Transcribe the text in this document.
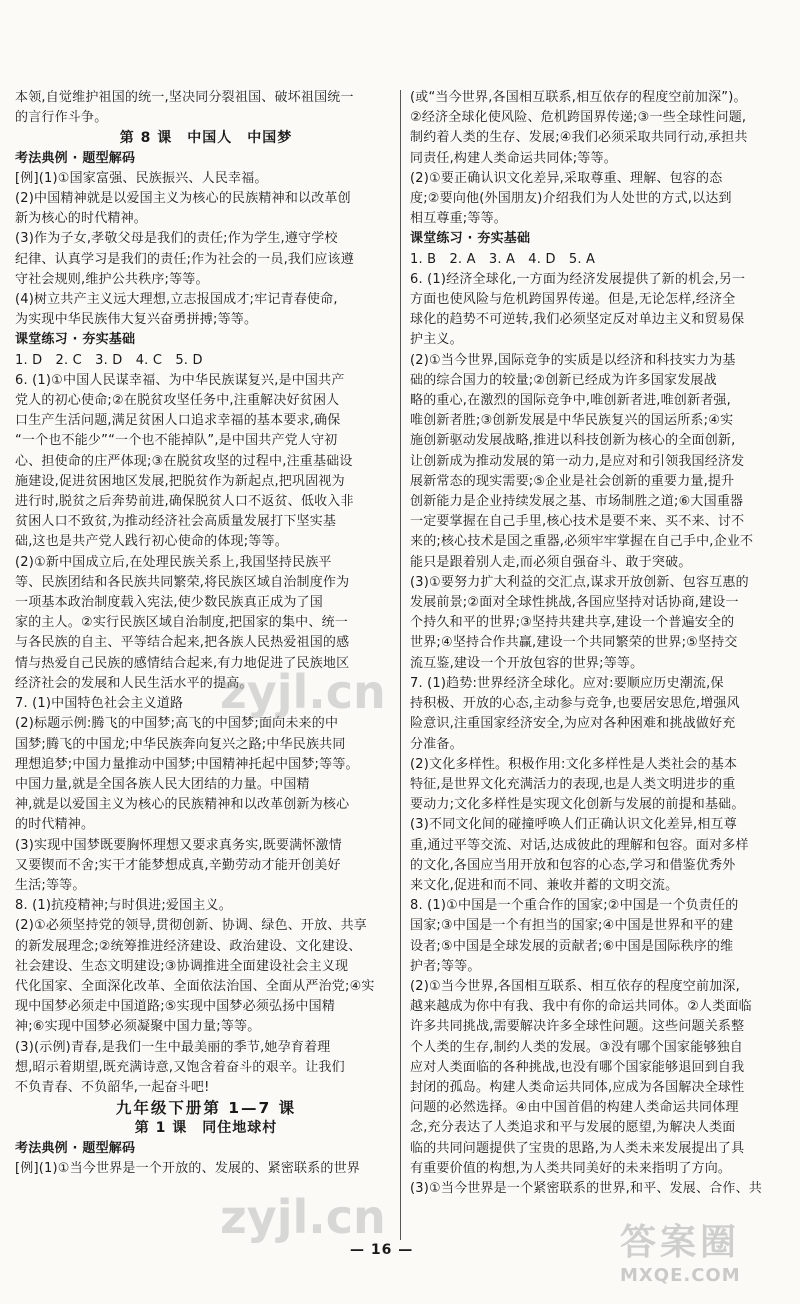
本领,自觉维护祖国的统一,坚决同分裂祖国、破坏祖国统一
的言行作斗争。
第 8 课　中国人　中国梦
考法典例 · 题型解码
[例](1)①国家富强、民族振兴、人民幸福。
(2)中国精神就是以爱国主义为核心的民族精神和以改革创
新为核心的时代精神。
(3)作为子女,孝敬父母是我们的责任;作为学生,遵守学校
纪律、认真学习是我们的责任;作为社会的一员,我们应该遵
守社会规则,维护公共秩序;等等。
(4)树立共产主义远大理想,立志报国成才;牢记青春使命,
为实现中华民族伟大复兴奋勇拼搏;等等。
课堂练习 · 夯实基础
1. D　2. C　3. D　4. C　5. D
6. (1)①中国人民谋幸福、为中华民族谋复兴,是中国共产
党人的初心使命;②在脱贫攻坚任务中,注重解决好贫困人
口生产生活问题,满足贫困人口追求幸福的基本要求,确保
“一个也不能少”“一个也不能掉队”,是中国共产党人守初
心、担使命的庄严体现;③在脱贫攻坚的过程中,注重基础设
施建设,促进贫困地区发展,把脱贫作为新起点,把巩固视为
进行时,脱贫之后奔势前进,确保脱贫人口不返贫、低收入非
贫困人口不致贫,为推动经济社会高质量发展打下坚实基
础,这也是共产党人践行初心使命的体现;等等。
(2)①新中国成立后,在处理民族关系上,我国坚持民族平
等、民族团结和各民族共同繁荣,将民族区域自治制度作为
一项基本政治制度载入宪法,使少数民族真正成为了国
家的主人。②实行民族区域自治制度,把国家的集中、统一
与各民族的自主、平等结合起来,把各族人民热爱祖国的感
情与热爱自己民族的感情结合起来,有力地促进了民族地区
经济社会的发展和人民生活水平的提高。
7. (1)中国特色社会主义道路
(2)标题示例:腾飞的中国梦;高飞的中国梦;面向未来的中
国梦;腾飞的中国龙;中华民族奔向复兴之路;中华民族共同
理想追梦;中国力量推动中国梦;中国精神托起中国梦;等等。
中国力量,就是全国各族人民大团结的力量。中国精
神,就是以爱国主义为核心的民族精神和以改革创新为核心
的时代精神。
(3)实现中国梦既要胸怀理想又要求真务实,既要满怀激情
又要锲而不舍;实干才能梦想成真,辛勤劳动才能开创美好
生活;等等。
8. (1)抗疫精神;与时俱进;爱国主义。
(2)①必须坚持党的领导,贯彻创新、协调、绿色、开放、共享
的新发展理念;②统筹推进经济建设、政治建设、文化建设、
社会建设、生态文明建设;③协调推进全面建设社会主义现
代化国家、全面深化改革、全面依法治国、全面从严治党;④实
现中国梦必须走中国道路;⑤实现中国梦必须弘扬中国精
神;⑥实现中国梦必须凝聚中国力量;等等。
(3)(示例)青春,是我们一生中最美丽的季节,她孕育着理
想,昭示着期望,既充满诗意,又饱含着奋斗的艰辛。让我们
不负青春、不负韶华,一起奋斗吧!
九年级下册第 1—7 课
第 1 课　同住地球村
考法典例 · 题型解码
[例](1)①当今世界是一个开放的、发展的、紧密联系的世界
(或“当今世界,各国相互联系,相互依存的程度空前加深”)。
②经济全球化使风险、危机跨国界传递;③一些全球性问题,
制约着人类的生存、发展;④我们必须采取共同行动,承担共
同责任,构建人类命运共同体;等等。
(2)①要正确认识文化差异,采取尊重、理解、包容的态
度;②要向他(外国朋友)介绍我们为人处世的方式,以达到
相互尊重;等等。
课堂练习 · 夯实基础
1. B　2. A　3. A　4. D　5. A
6. (1)经济全球化,一方面为经济发展提供了新的机会,另一
方面也使风险与危机跨国界传递。但是,无论怎样,经济全
球化的趋势不可逆转,我们必须坚定反对单边主义和贸易保
护主义。
(2)①当今世界,国际竞争的实质是以经济和科技实力为基
础的综合国力的较量;②创新已经成为许多国家发展战
略的重心,在激烈的国际竞争中,唯创新者进,唯创新者强,
唯创新者胜;③创新发展是中华民族复兴的国运所系;④实
施创新驱动发展战略,推进以科技创新为核心的全面创新,
让创新成为推动发展的第一动力,是应对和引领我国经济发
展新常态的现实需要;⑤企业是社会创新的重要力量,提升
创新能力是企业持续发展之基、市场制胜之道;⑥大国重器
一定要掌握在自己手里,核心技术是要不来、买不来、讨不
来的;核心技术是国之重器,必须牢牢掌握在自己手中,企业不
能只是跟着别人走,而必须自强奋斗、敢于突破。
(3)①要努力扩大利益的交汇点,谋求开放创新、包容互惠的
发展前景;②面对全球性挑战,各国应坚持对话协商,建设一
个持久和平的世界;③坚持共建共享,建设一个普遍安全的
世界;④坚持合作共赢,建设一个共同繁荣的世界;⑤坚持交
流互鉴,建设一个开放包容的世界;等等。
7. (1)趋势:世界经济全球化。应对:要顺应历史潮流,保
持积极、开放的心态,主动参与竞争,也要居安思危,增强风
险意识,注重国家经济安全,为应对各种困难和挑战做好充
分准备。
(2)文化多样性。积极作用:文化多样性是人类社会的基本
特征,是世界文化充满活力的表现,也是人类文明进步的重
要动力;文化多样性是实现文化创新与发展的前提和基础。
(3)不同文化间的碰撞呼唤人们正确认识文化差异,相互尊
重,通过平等交流、对话,达成彼此的理解和包容。面对多样
的文化,各国应当用开放和包容的心态,学习和借鉴优秀外
来文化,促进和而不同、兼收并蓄的文明交流。
8. (1)①中国是一个重合作的国家;②中国是一个负责任的
国家;③中国是一个有担当的国家;④中国是世界和平的建
设者;⑤中国是全球发展的贡献者;⑥中国是国际秩序的维
护者;等等。
(2)①当今世界,各国相互联系、相互依存的程度空前加深,
越来越成为你中有我、我中有你的命运共同体。②人类面临
许多共同挑战,需要解决许多全球性问题。这些问题关系整
个人类的生存,制约人类的发展。③没有哪个国家能够独自
应对人类面临的各种挑战,也没有哪个国家能够退回到自我
封闭的孤岛。构建人类命运共同体,应成为各国解决全球性
问题的必然选择。④由中国首倡的构建人类命运共同体理
念,充分表达了人类追求和平与发展的愿望,为解决人类面
临的共同问题提供了宝贵的思路,为人类未来发展提出了具
有重要价值的构想,为人类共同美好的未来指明了方向。
(3)①当今世界是一个紧密联系的世界,和平、发展、合作、共
— 16 —
zyjl.cn
zyjl.cn	答案圈
MXQE.COM
